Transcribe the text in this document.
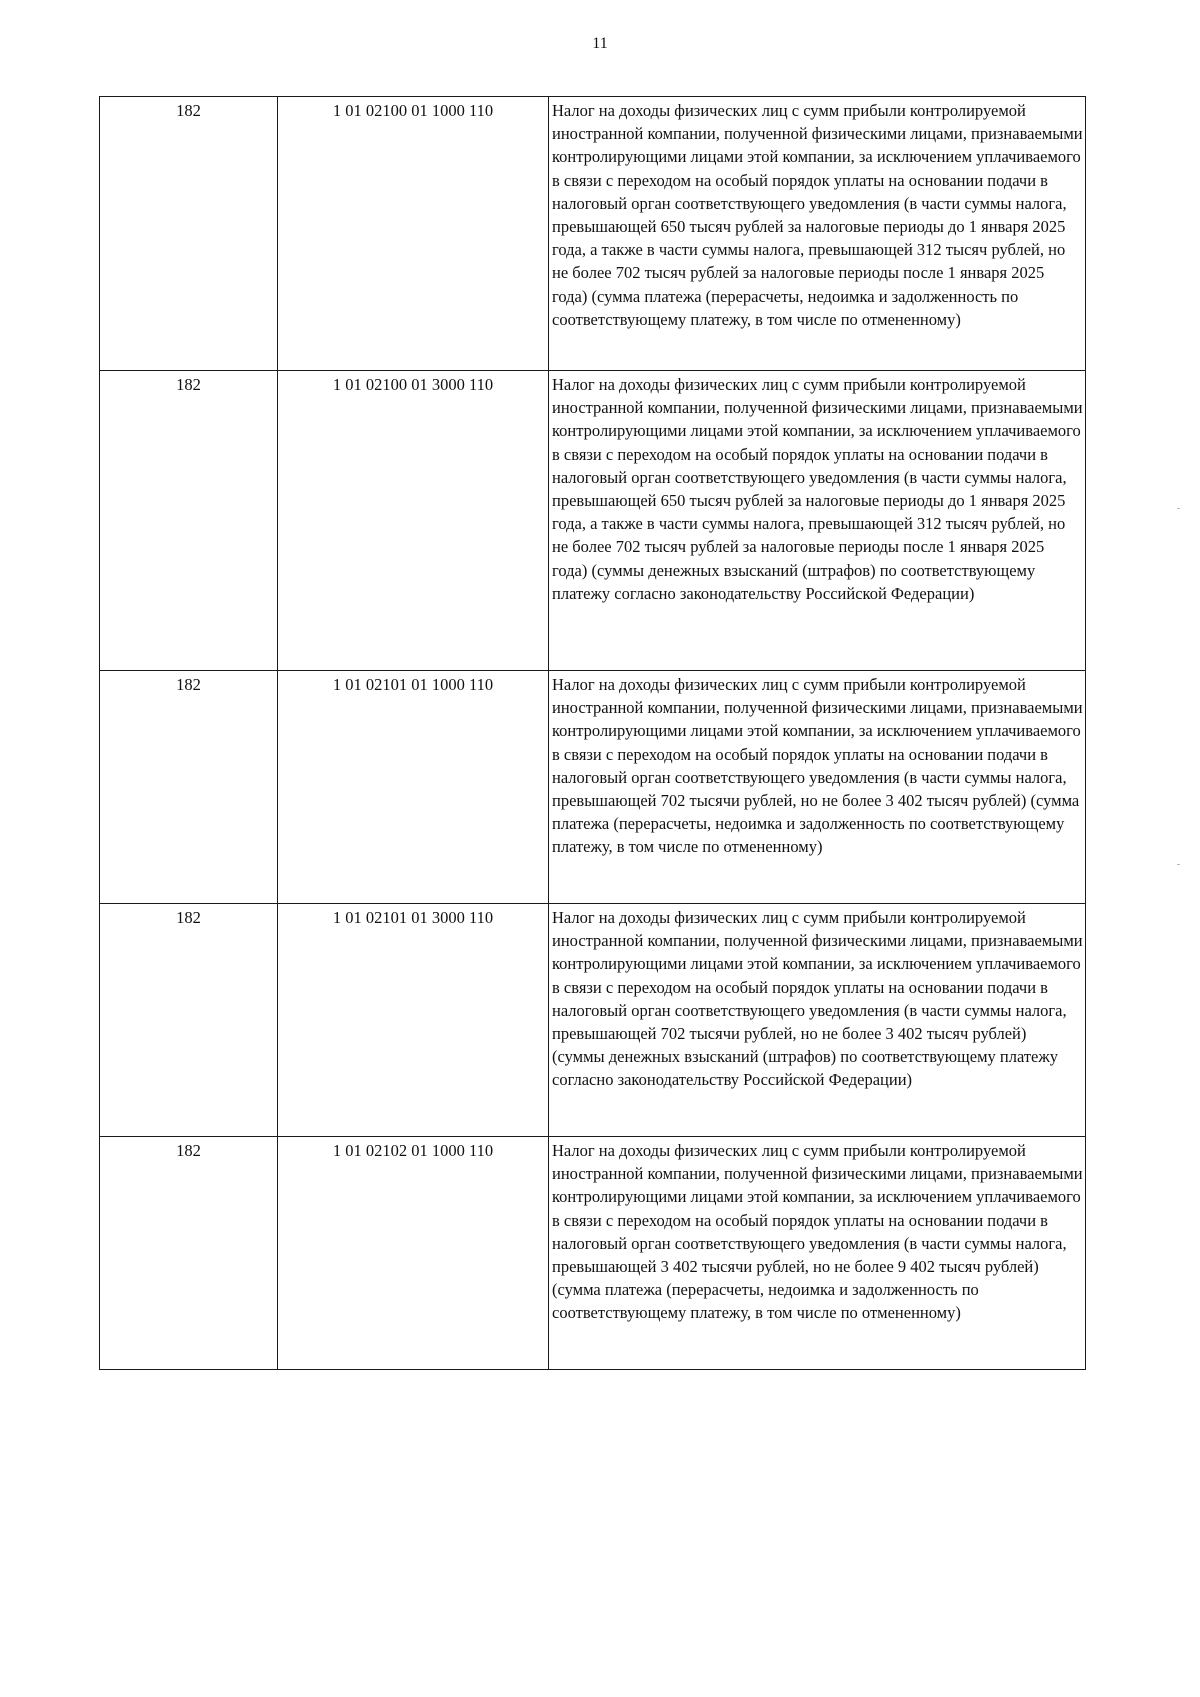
11
182	1 01 02100 01 1000 110	Налог на доходы физических лиц с сумм прибыли контролируемой иностранной компании, полученной физическими лицами, признаваемыми контролирующими лицами этой компании, за исключением уплачиваемого в связи с переходом на особый порядок уплаты на основании подачи в налоговый орган соответствующего уведомления (в части суммы налога, превышающей 650 тысяч рублей за налоговые периоды до 1 января 2025 года, а также в части суммы налога, превышающей 312 тысяч рублей, но не более 702 тысяч рублей за налоговые периоды после 1 января 2025 года) (сумма платежа (перерасчеты, недоимка и задолженность по соответствующему платежу, в том числе по отмененному)
182	1 01 02100 01 3000 110	Налог на доходы физических лиц с сумм прибыли контролируемой иностранной компании, полученной физическими лицами, признаваемыми контролирующими лицами этой компании, за исключением уплачиваемого в связи с переходом на особый порядок уплаты на основании подачи в налоговый орган соответствующего уведомления (в части суммы налога, превышающей 650 тысяч рублей за налоговые периоды до 1 января 2025 года, а также в части суммы налога, превышающей 312 тысяч рублей, но не более 702 тысяч рублей за налоговые периоды после 1 января 2025 года) (суммы денежных взысканий (штрафов) по соответствующему платежу согласно законодательству Российской Федерации)
182	1 01 02101 01 1000 110	Налог на доходы физических лиц с сумм прибыли контролируемой иностранной компании, полученной физическими лицами, признаваемыми контролирующими лицами этой компании, за исключением уплачиваемого в связи с переходом на особый порядок уплаты на основании подачи в налоговый орган соответствующего уведомления (в части суммы налога, превышающей 702 тысячи рублей, но не более 3 402 тысяч рублей) (сумма платежа (перерасчеты, недоимка и задолженность по соответствующему платежу, в том числе по отмененному)
182	1 01 02101 01 3000 110	Налог на доходы физических лиц с сумм прибыли контролируемой иностранной компании, полученной физическими лицами, признаваемыми контролирующими лицами этой компании, за исключением уплачиваемого в связи с переходом на особый порядок уплаты на основании подачи в налоговый орган соответствующего уведомления (в части суммы налога, превышающей 702 тысячи рублей, но не более 3 402 тысяч рублей) (суммы денежных взысканий (штрафов) по соответствующему платежу согласно законодательству Российской Федерации)
182	1 01 02102 01 1000 110	Налог на доходы физических лиц с сумм прибыли контролируемой иностранной компании, полученной физическими лицами, признаваемыми контролирующими лицами этой компании, за исключением уплачиваемого в связи с переходом на особый порядок уплаты на основании подачи в налоговый орган соответствующего уведомления (в части суммы налога, превышающей 3 402 тысячи рублей, но не более 9 402 тысяч рублей) (сумма платежа (перерасчеты, недоимка и задолженность по соответствующему платежу, в том числе по отмененному)
